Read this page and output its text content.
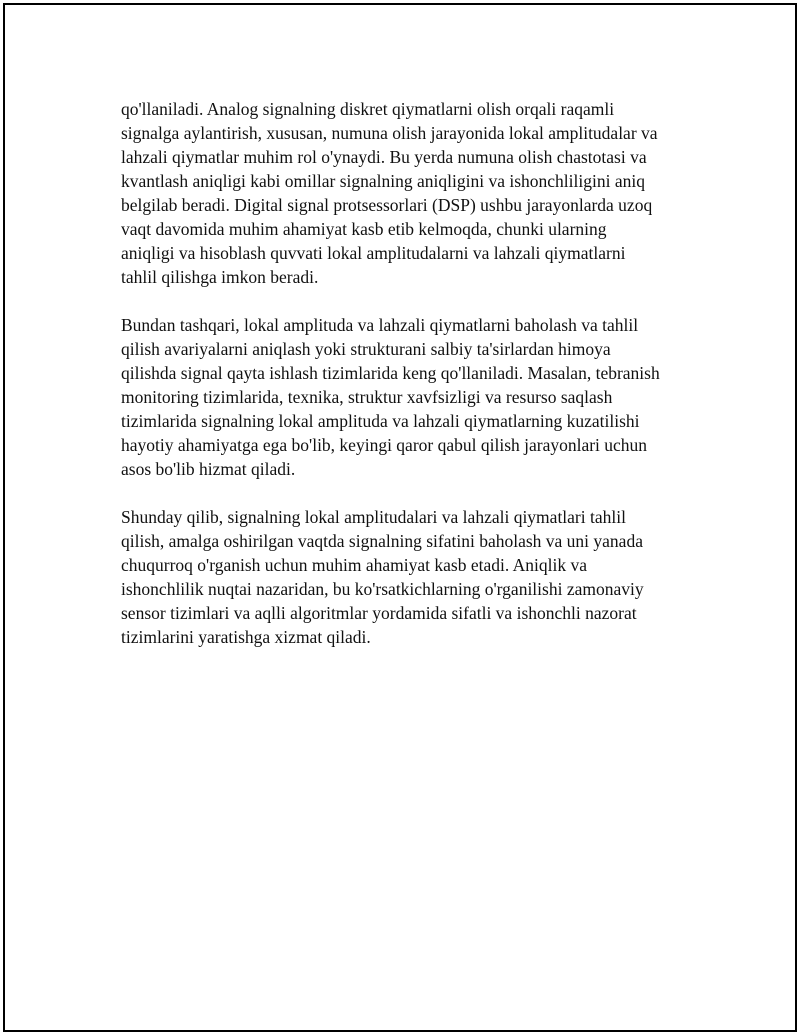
qo'llaniladi. Analog signalning diskret qiymatlarni olish orqali raqamli
signalga aylantirish, xususan, numuna olish jarayonida lokal amplitudalar va
lahzali qiymatlar muhim rol o'ynaydi. Bu yerda numuna olish chastotasi va
kvantlash aniqligi kabi omillar signalning aniqligini va ishonchliligini aniq
belgilab beradi. Digital signal protsessorlari (DSP) ushbu jarayonlarda uzoq
vaqt davomida muhim ahamiyat kasb etib kelmoqda, chunki ularning
aniqligi va hisoblash quvvati lokal amplitudalarni va lahzali qiymatlarni
tahlil qilishga imkon beradi.

Bundan tashqari, lokal amplituda va lahzali qiymatlarni baholash va tahlil
qilish avariyalarni aniqlash yoki strukturani salbiy ta'sirlardan himoya
qilishda signal qayta ishlash tizimlarida keng qo'llaniladi. Masalan, tebranish
monitoring tizimlarida, texnika, struktur xavfsizligi va resurso saqlash
tizimlarida signalning lokal amplituda va lahzali qiymatlarning kuzatilishi
hayotiy ahamiyatga ega bo'lib, keyingi qaror qabul qilish jarayonlari uchun
asos bo'lib hizmat qiladi.

Shunday qilib, signalning lokal amplitudalari va lahzali qiymatlari tahlil
qilish, amalga oshirilgan vaqtda signalning sifatini baholash va uni yanada
chuqurroq o'rganish uchun muhim ahamiyat kasb etadi. Aniqlik va
ishonchlilik nuqtai nazaridan, bu ko'rsatkichlarning o'rganilishi zamonaviy
sensor tizimlari va aqlli algoritmlar yordamida sifatli va ishonchli nazorat
tizimlarini yaratishga xizmat qiladi.
